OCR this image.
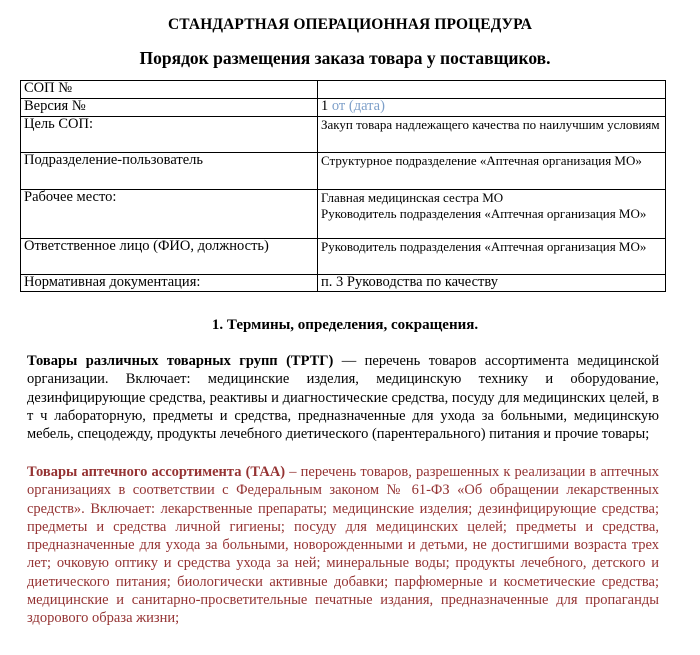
СТАНДАРТНАЯ ОПЕРАЦИОННАЯ ПРОЦЕДУРА
Порядок размещения заказа товара у поставщиков.
СОП №	
Версия №	1 от (дата)
Цель СОП:	Закуп товара надлежащего качества по наилучшим условиям
Подразделение-пользователь	Структурное подразделение «Аптечная организация МО»
Рабочее место:	Главная медицинская сестра МО
Руководитель подразделения «Аптечная организация МО»

Ответственное лицо (ФИО, должность)	Руководитель подразделения «Аптечная организация МО»
Нормативная документация:	п. 3 Руководства по качеству
1. Термины, определения, сокращения.

Товары различных товарных групп (ТРТГ) — перечень товаров ассортимента медицинской организации. Включает: медицинские изделия, медицинскую технику и оборудование, дезинфицирующие средства, реактивы и диагностические средства, посуду для медицинских целей, в т ч лабораторную, предметы и средства, предназначенные для ухода за больными, медицинскую мебель, спецодежду, продукты лечебного диетического (парентерального) питания и прочие товары;

Товары аптечного ассортимента (ТАА) – перечень товаров, разрешенных к реализации в аптечных организациях в соответствии с Федеральным законом № 61-ФЗ «Об обращении лекарственных средств». Включает: лекарственные препараты; медицинские изделия; дезинфицирующие средства; предметы и средства личной гигиены; посуду для медицинских целей; предметы и средства, предназначенные для ухода за больными, новорожденными и детьми, не достигшими возраста трех лет; очковую оптику и средства ухода за ней; минеральные воды; продукты лечебного, детского и диетического питания; биологически активные добавки; парфюмерные и косметические средства; медицинские и санитарно-просветительные печатные издания, предназначенные для пропаганды здорового образа жизни;
